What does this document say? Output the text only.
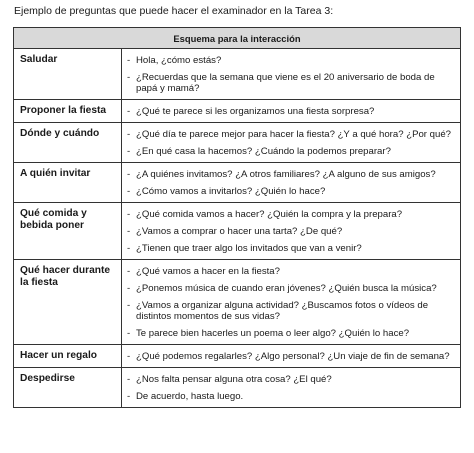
Ejemplo de preguntas que puede hacer el examinador en la Tarea 3:
Esquema para la interacción	
Saludar	- Hola, ¿cómo estás?
- ¿Recuerdas que la semana que viene es el 20 aniversario de boda de papá y mamá?

Proponer la fiesta	- ¿Qué te parece si les organizamos una fiesta sorpresa?

Dónde y cuándo	- ¿Qué día te parece mejor para hacer la fiesta? ¿Y a qué hora? ¿Por qué?
- ¿En qué casa la hacemos? ¿Cuándo la podemos preparar?

A quién invitar	- ¿A quiénes invitamos? ¿A otros familiares? ¿A alguno de sus amigos?
- ¿Cómo vamos a invitarlos? ¿Quién lo hace?

Qué comida y bebida poner	- ¿Qué comida vamos a hacer? ¿Quién la compra y la prepara?
- ¿Vamos a comprar o hacer una tarta? ¿De qué?
- ¿Tienen que traer algo los invitados que van a venir?

Qué hacer durante la fiesta	- ¿Qué vamos a hacer en la fiesta?
- ¿Ponemos música de cuando eran jóvenes? ¿Quién busca la música?
- ¿Vamos a organizar alguna actividad? ¿Buscamos fotos o vídeos de distintos momentos de sus vidas?
- Te parece bien hacerles un poema o leer algo? ¿Quién lo hace?

Hacer un regalo	- ¿Qué podemos regalarles? ¿Algo personal? ¿Un viaje de fin de semana?

Despedirse	- ¿Nos falta pensar alguna otra cosa? ¿El qué?
- De acuerdo, hasta luego.
